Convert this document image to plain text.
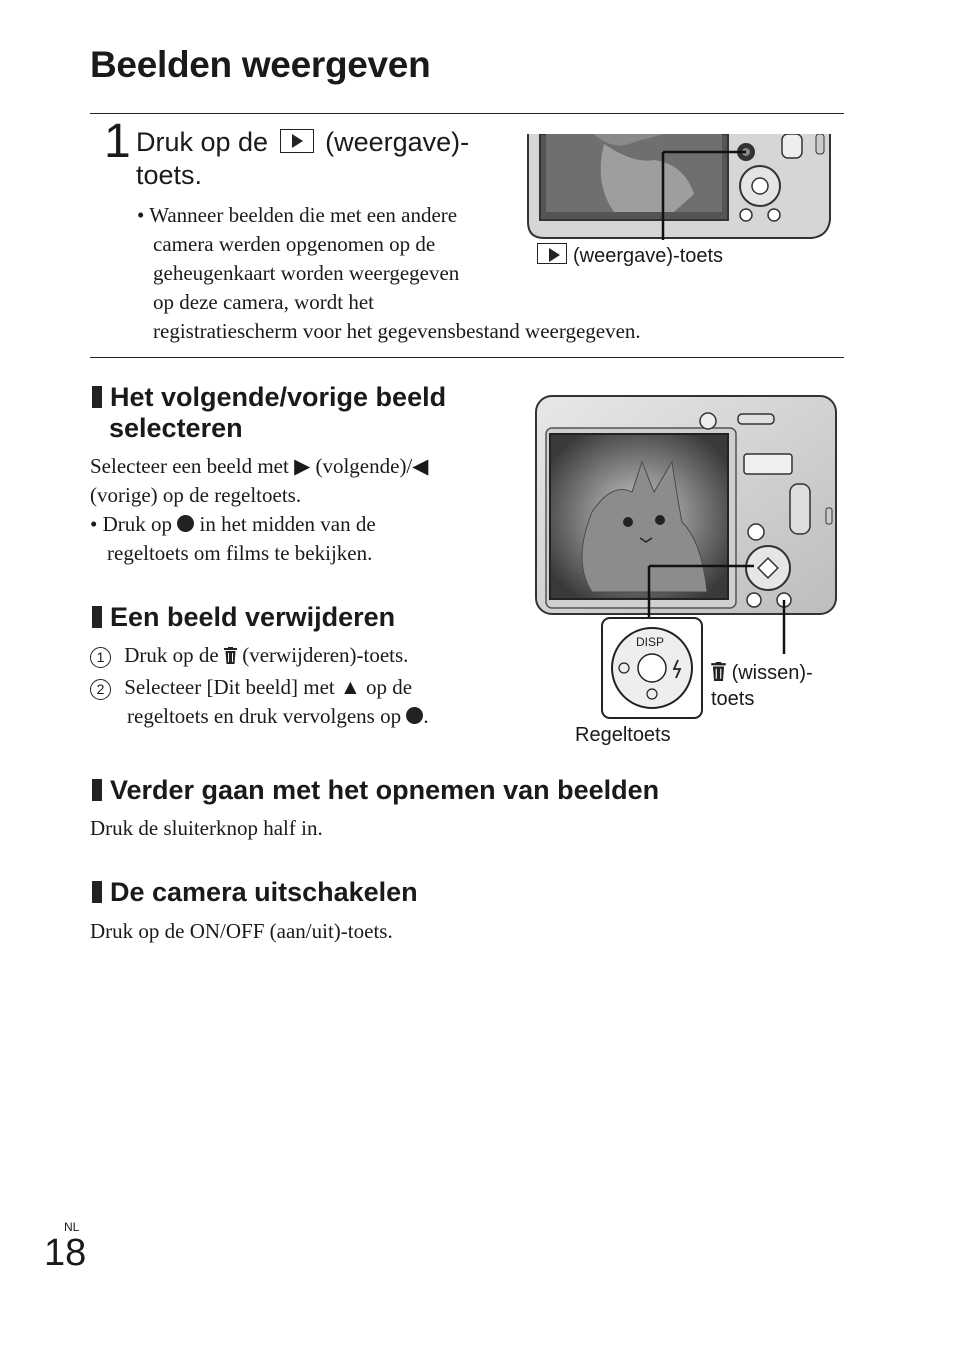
Beelden weergeven
1 Druk op de (weergave)-
toets.
• Wanneer beelden die met een andere
camera werden opgenomen op de
geheugenkaart worden weergegeven
op deze camera, wordt het
registratiescherm voor het gegevensbestand weergegeven.
(weergave)-toets
Het volgende/vorige beeld
selecteren
Selecteer een beeld met ▶ (volgende)/◀
(vorige) op de regeltoets.
• Druk op in het midden van de
regeltoets om films te bekijken.
Een beeld verwijderen
1 Druk op de (verwijderen)-toets.
2 Selecteer [Dit beeld] met ▲ op de
regeltoets en druk vervolgens op .
DISP
(wissen)-
toets
Regeltoets
Verder gaan met het opnemen van beelden
Druk de sluiterknop half in.
De camera uitschakelen
Druk op de ON/OFF (aan/uit)-toets.
NL
18
